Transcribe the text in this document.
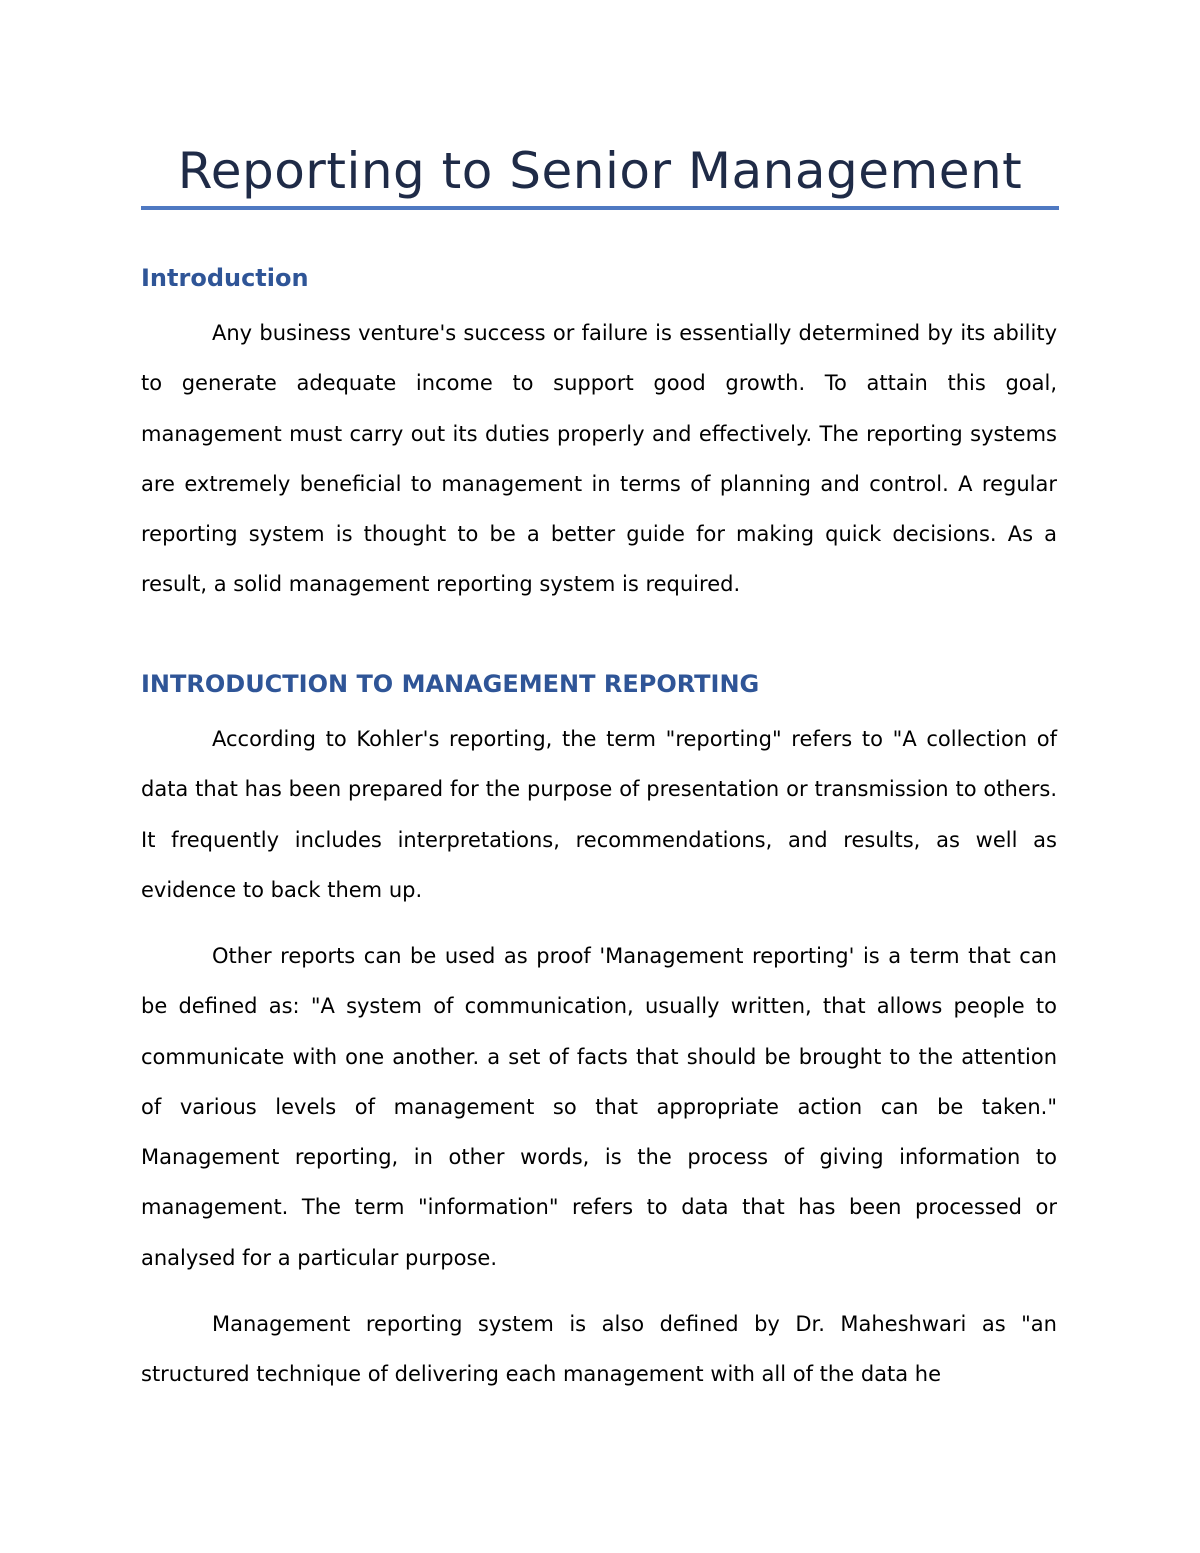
Reporting to Senior Management
Introduction

Any business venture's success or failure is essentially determined by its ability to generate adequate income to support good growth. To attain this goal, management must carry out its duties properly and effectively. The reporting systems are extremely beneficial to management in terms of planning and control. A regular reporting system is thought to be a better guide for making quick decisions. As a result, a solid management reporting system is required.

INTRODUCTION TO MANAGEMENT REPORTING

According to Kohler's reporting, the term "reporting" refers to "A collection of data that has been prepared for the purpose of presentation or transmission to others. It frequently includes interpretations, recommendations, and results, as well as evidence to back them up.

Other reports can be used as proof 'Management reporting' is a term that can be defined as: "A system of communication, usually written, that allows people to communicate with one another. a set of facts that should be brought to the attention of various levels of management so that appropriate action can be taken." Management reporting, in other words, is the process of giving information to management. The term "information" refers to data that has been processed or analysed for a particular purpose.

Management reporting system is also defined by Dr. Maheshwari as "an structured technique of delivering each management with all of the data he
